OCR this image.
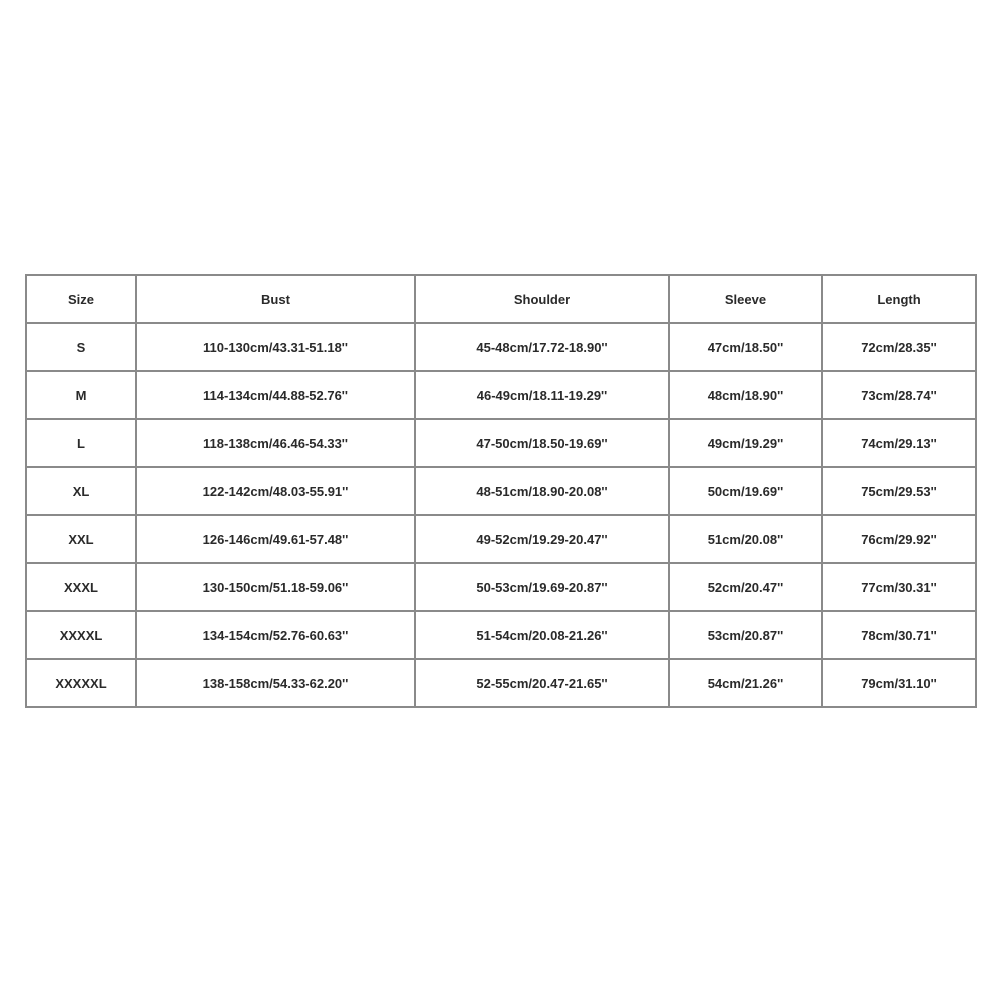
Size	Bust	Shoulder	Sleeve	Length
S	110-130cm/43.31-51.18''	45-48cm/17.72-18.90''	47cm/18.50''	72cm/28.35''
M	114-134cm/44.88-52.76''	46-49cm/18.11-19.29''	48cm/18.90''	73cm/28.74''
L	118-138cm/46.46-54.33''	47-50cm/18.50-19.69''	49cm/19.29''	74cm/29.13''
XL	122-142cm/48.03-55.91''	48-51cm/18.90-20.08''	50cm/19.69''	75cm/29.53''
XXL	126-146cm/49.61-57.48''	49-52cm/19.29-20.47''	51cm/20.08''	76cm/29.92''
XXXL	130-150cm/51.18-59.06''	50-53cm/19.69-20.87''	52cm/20.47''	77cm/30.31''
XXXXL	134-154cm/52.76-60.63''	51-54cm/20.08-21.26''	53cm/20.87''	78cm/30.71''
XXXXXL	138-158cm/54.33-62.20''	52-55cm/20.47-21.65''	54cm/21.26''	79cm/31.10''
